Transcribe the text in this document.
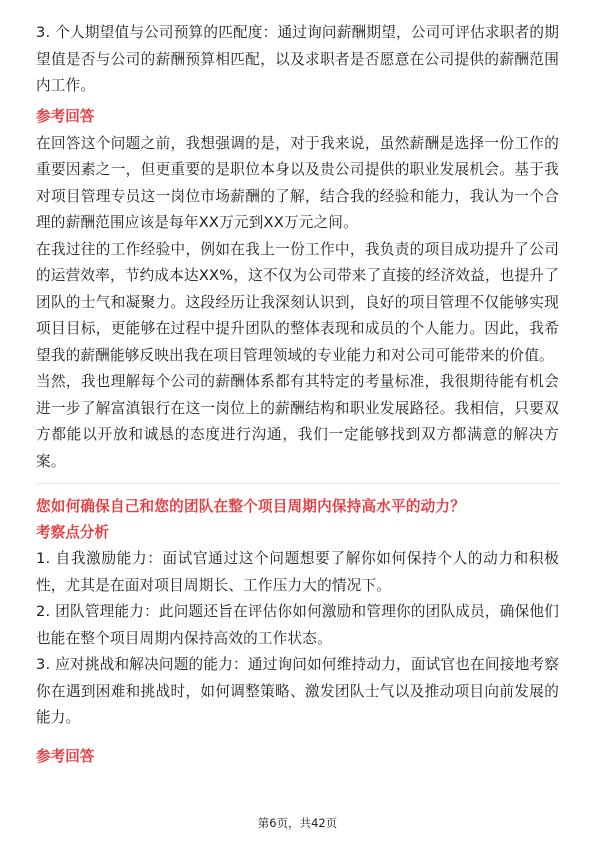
3. 个人期望值与公司预算的匹配度：通过询问薪酬期望，公司可评估求职者的期望值是否与公司的薪酬预算相匹配，以及求职者是否愿意在公司提供的薪酬范围内工作。

参考回答

在回答这个问题之前，我想强调的是，对于我来说，虽然薪酬是选择一份工作的重要因素之一，但更重要的是职位本身以及贵公司提供的职业发展机会。基于我对项目管理专员这一岗位市场薪酬的了解，结合我的经验和能力，我认为一个合理的薪酬范围应该是每年XX万元到XX万元之间。

在我过往的工作经验中，例如在我上一份工作中，我负责的项目成功提升了公司的运营效率，节约成本达XX%，这不仅为公司带来了直接的经济效益，也提升了团队的士气和凝聚力。这段经历让我深刻认识到，良好的项目管理不仅能够实现项目目标，更能够在过程中提升团队的整体表现和成员的个人能力。因此，我希望我的薪酬能够反映出我在项目管理领域的专业能力和对公司可能带来的价值。

当然，我也理解每个公司的薪酬体系都有其特定的考量标准，我很期待能有机会进一步了解富滇银行在这一岗位上的薪酬结构和职业发展路径。我相信，只要双方都能以开放和诚恳的态度进行沟通，我们一定能够找到双方都满意的解决方案。

您如何确保自己和您的团队在整个项目周期内保持高水平的动力？

考察点分析

1. 自我激励能力：面试官通过这个问题想要了解你如何保持个人的动力和积极性，尤其是在面对项目周期长、工作压力大的情况下。

2. 团队管理能力：此问题还旨在评估你如何激励和管理你的团队成员，确保他们也能在整个项目周期内保持高效的工作状态。

3. 应对挑战和解决问题的能力：通过询问如何维持动力，面试官也在间接地考察你在遇到困难和挑战时，如何调整策略、激发团队士气以及推动项目向前发展的能力。

参考回答

第6页，共42页
